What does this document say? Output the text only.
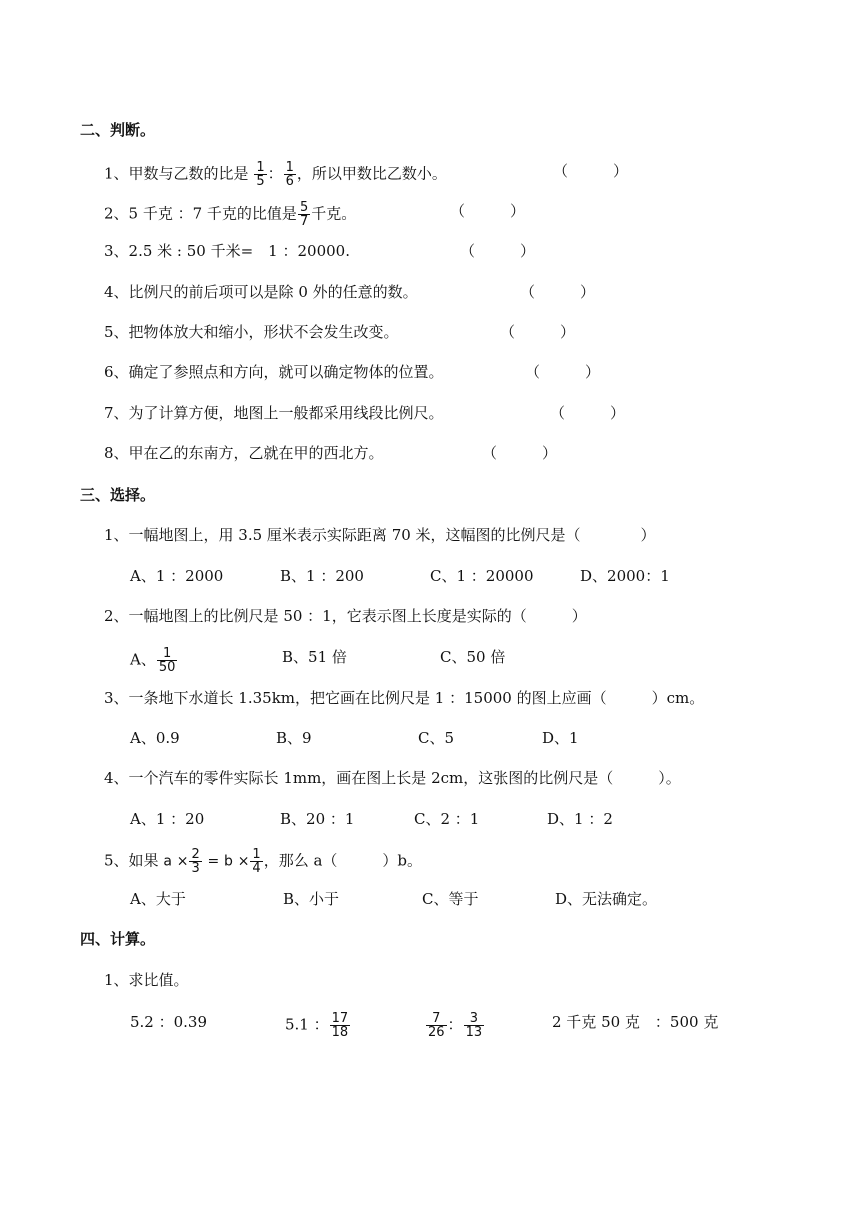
二、判断。
1、甲数与乙数的比是 $\frac{1}{5}$ ： $\frac{1}{6}$ ，所以甲数比乙数小。	（　　　）
2、5 千克 ：7 千克的比值是 $\frac{5}{7}$ 千克。	（　　　）
3、2.5 米 : 50 千米=　1 ：20000.	（　　　）
4、比例尺的前后项可以是除 0 外的任意的数。	（　　　）
5、把物体放大和缩小，形状不会发生改变。	（　　　）
6、确定了参照点和方向，就可以确定物体的位置。	（　　　）
7、为了计算方便，地图上一般都采用线段比例尺。	（　　　）
8、甲在乙的东南方，乙就在甲的西北方。	（　　　）
三、选择。
1、一幅地图上，用 3.5 厘米表示实际距离 70 米，这幅图的比例尺是（　　　　）
A、1 ：2000	B、1 ：200	C、1 ：20000	D、2000：1
2、一幅地图上的比例尺是 50 ：1，它表示图上长度是实际的（　　　）
A、 $\frac{1}{50}$	B、51 倍	C、50 倍
3、一条地下水道长 1.35km，把它画在比例尺是 1 ：15000 的图上应画（　　　）cm。
A、0.9	B、9	C、5	D、1
4、一个汽车的零件实际长 1mm，画在图上长是 2cm，这张图的比例尺是（　　　）。
A、1 ：20	B、20 ：1	C、2 ：1	D、1 ：2
5、如果 $a \times \frac{2}{3} = b \times \frac{1}{4}$ ，那么 a（　　　）b。
A、大于	B、小于	C、等于	D、无法确定。
四、计算。
1、求比值。
5.2 ：0.39	5.1 ： $\frac{17}{18}$	$\frac{7}{26}$ ： $\frac{3}{13}$	2 千克 50 克　：500 克
